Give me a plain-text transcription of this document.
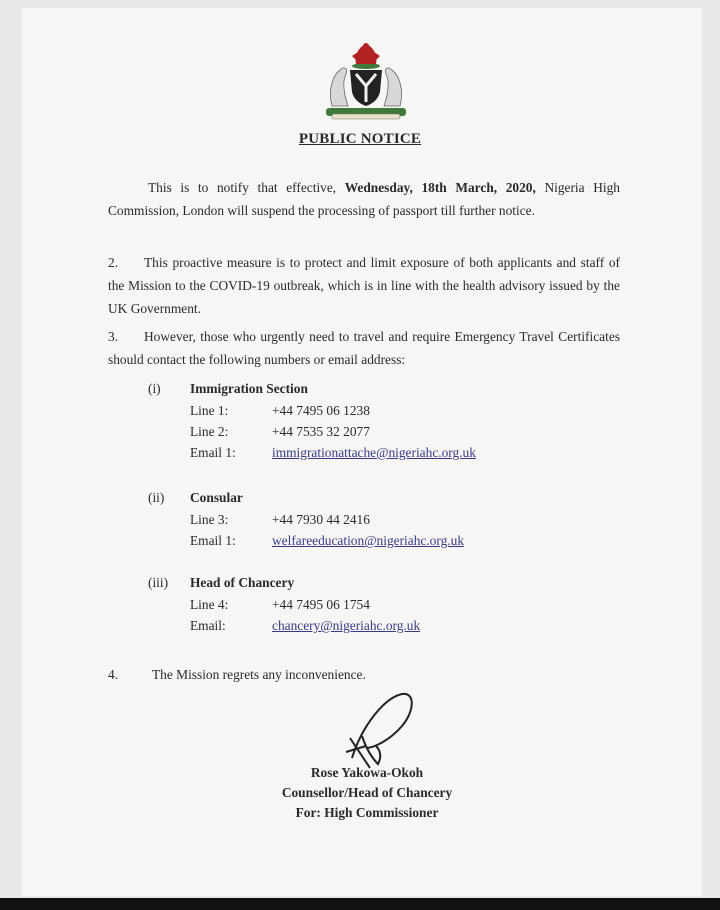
PUBLIC NOTICE
This is to notify that effective, Wednesday, 18th March, 2020, Nigeria High Commission, London will suspend the processing of passport till further notice.
2. This proactive measure is to protect and limit exposure of both applicants and staff of the Mission to the COVID-19 outbreak, which is in line with the health advisory issued by the UK Government.
3. However, those who urgently need to travel and require Emergency Travel Certificates should contact the following numbers or email address:
(i) Immigration Section
Line 1:	+44 7495 06 1238
Line 2:	+44 7535 32 2077
Email 1:	immigrationattache@nigeriahc.org.uk
(ii) Consular
Line 3:	+44 7930 44 2416
Email 1:	welfareeducation@nigeriahc.org.uk
(iii) Head of Chancery
Line 4:	+44 7495 06 1754
Email:	chancery@nigeriahc.org.uk
4.	The Mission regrets any inconvenience.
Rose Yakowa-Okoh
Counsellor/Head of Chancery
For: High Commissioner
